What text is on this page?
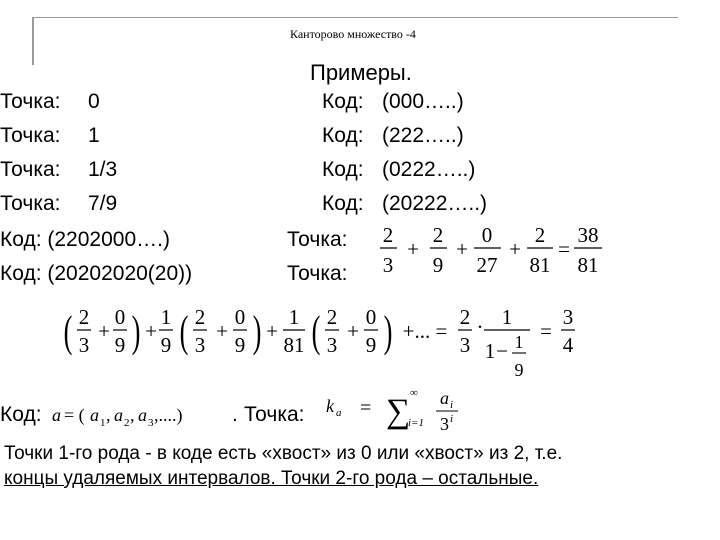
Канторово множество -4
Примеры.
Точка: 0	Код: (000…..)
Точка: 1	Код: (222…..)
Точка: 1/3	Код: (0222…..)
Точка: 7/9	Код: (20222…..)
Код: (2202000….)	Точка:
Код: (20202020(20))	Точка:
2
3
+
2
9
+
0
27
+
2
81
=
38
81
( 2
3
+
0
9 ) +
1
9 ( 2
3
+
0
9 ) +
1
81 ( 2
3
+
0
9 ) +... =
2
3
· 1
1 − 1
9
=
3
4
Код: a = ( a 1 , a 2 , a 3 ,....) . Точка: k a = ∑ ∞
i=1
a i
3 i
Точки 1-го рода - в коде есть «хвост» из 0 или «хвост» из 2, т.е.
концы удаляемых интервалов. Точки 2-го рода – остальные.
